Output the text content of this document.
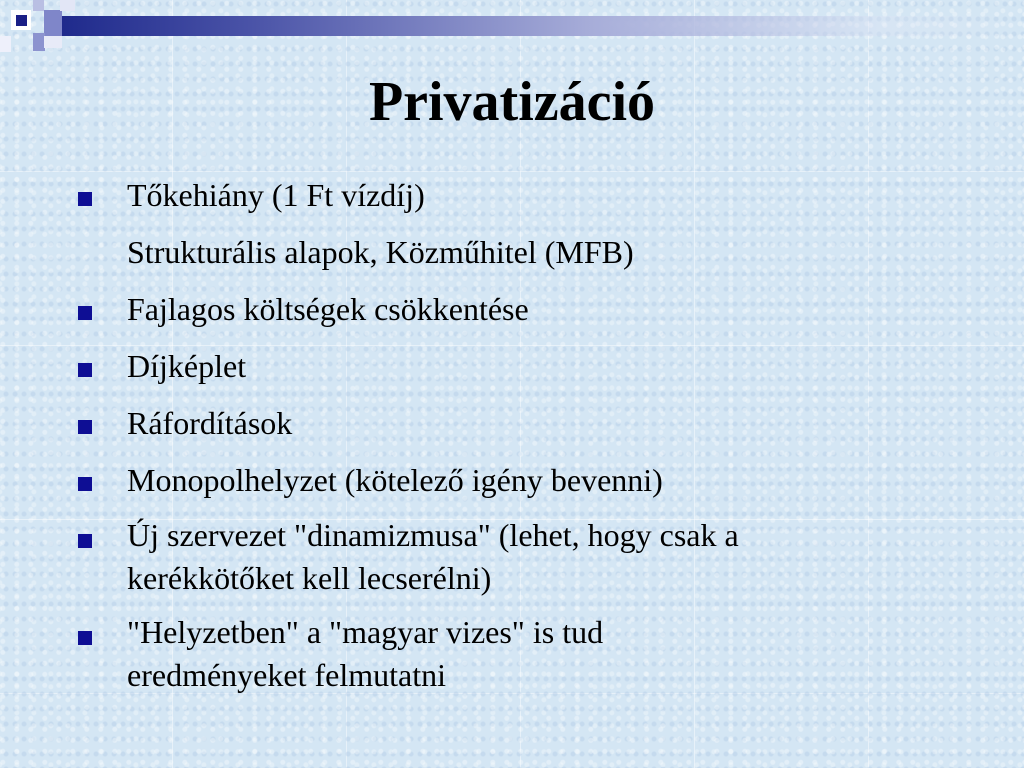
Privatizáció
Tőkehiány (1 Ft vízdíj)
Strukturális alapok, Közműhitel (MFB)
Fajlagos költségek csökkentése
Díjképlet
Ráfordítások
Monopolhelyzet (kötelező igény bevenni)
Új szervezet "dinamizmusa" (lehet, hogy csak a
kerékkötőket kell lecserélni)
"Helyzetben" a "magyar vizes" is tud
eredményeket felmutatni
